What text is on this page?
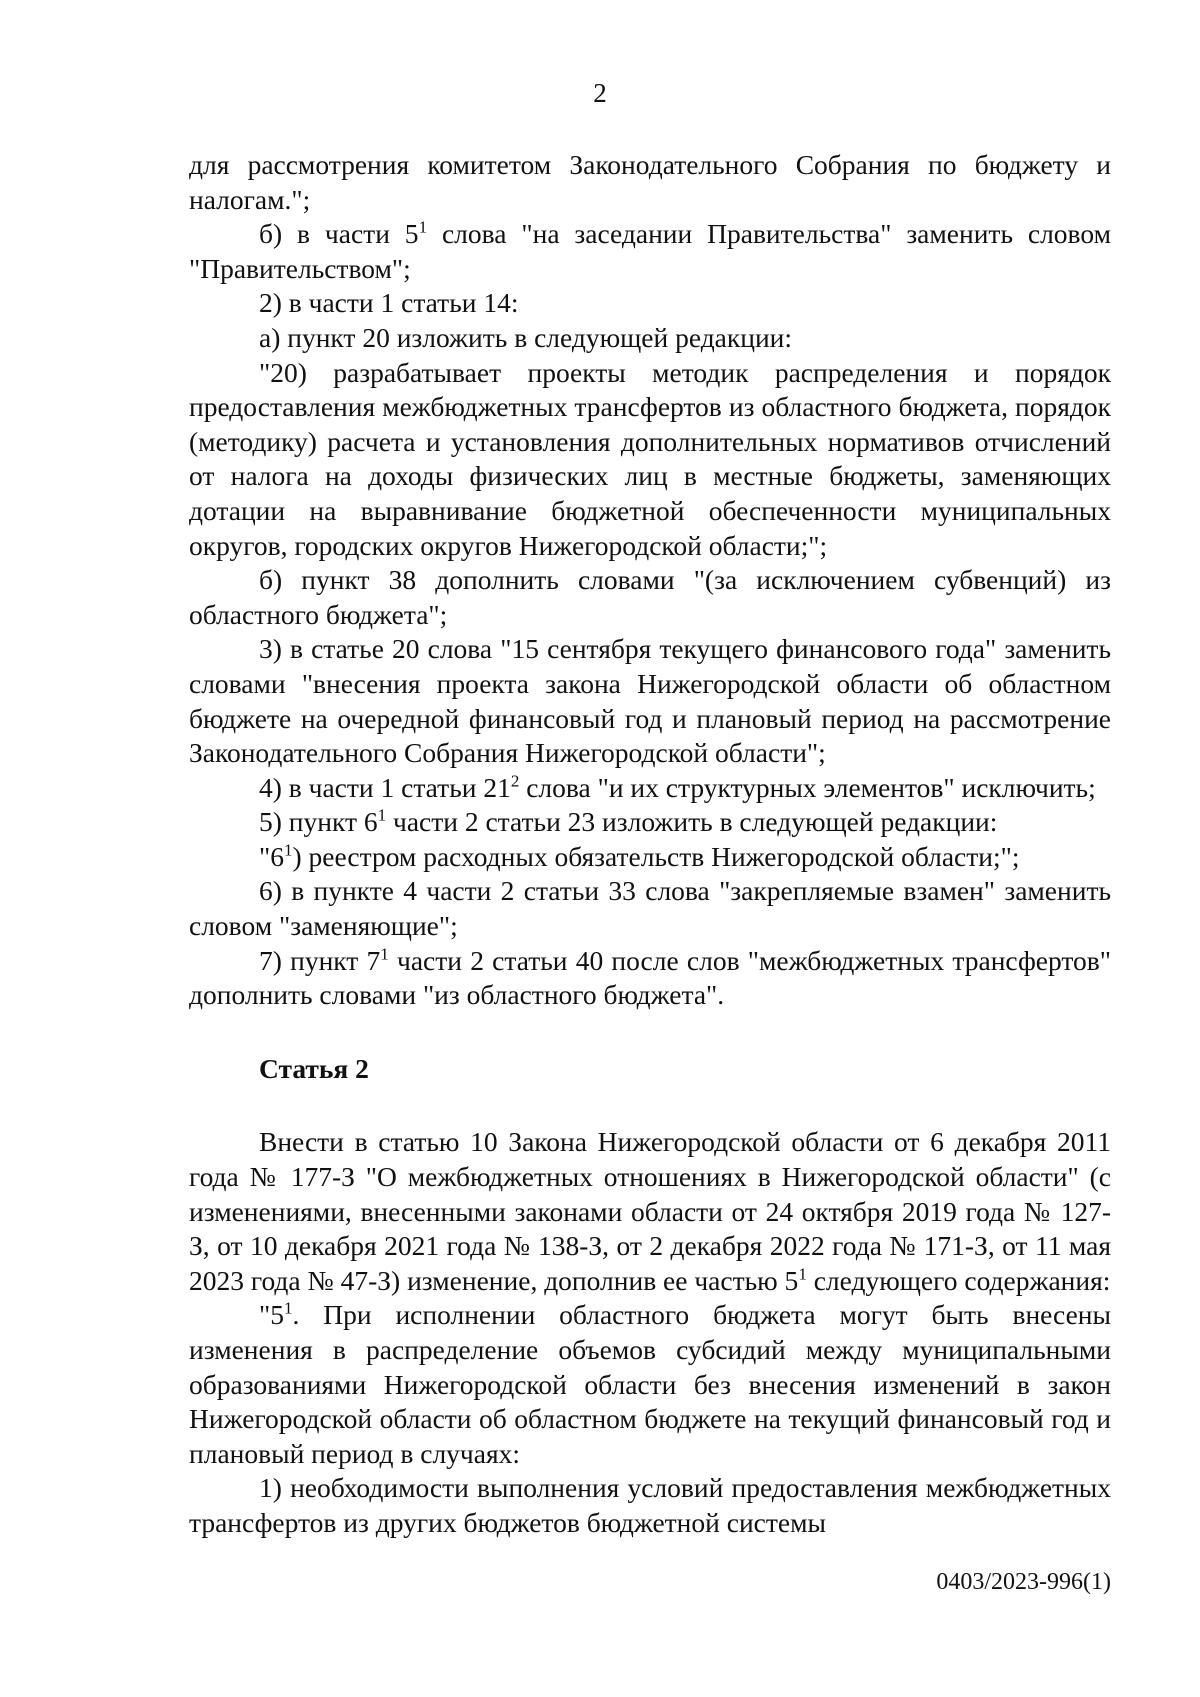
2

для рассмотрения комитетом Законодательного Собрания по бюджету и налогам.";

б) в части $5^1$ слова "на заседании Правительства" заменить словом "Правительством";

2) в части 1 статьи 14:

а) пункт 20 изложить в следующей редакции:

"20) разрабатывает проекты методик распределения и порядок предоставления межбюджетных трансфертов из областного бюджета, порядок (методику) расчета и установления дополнительных нормативов отчислений от налога на доходы физических лиц в местные бюджеты, заменяющих дотации на выравнивание бюджетной обеспеченности муниципальных округов, городских округов Нижегородской области;";

б) пункт 38 дополнить словами "(за исключением субвенций) из областного бюджета";

3) в статье 20 слова "15 сентября текущего финансового года" заменить словами "внесения проекта закона Нижегородской области об областном бюджете на очередной финансовый год и плановый период на рассмотрение Законодательного Собрания Нижегородской области";

4) в части 1 статьи $21^2$ слова "и их структурных элементов" исключить;

5) пункт $6^1$ части 2 статьи 23 изложить в следующей редакции:

"$6^1$) реестром расходных обязательств Нижегородской области;";

6) в пункте 4 части 2 статьи 33 слова "закрепляемые взамен" заменить словом "заменяющие";

7) пункт $7^1$ части 2 статьи 40 после слов "межбюджетных трансфертов" дополнить словами "из областного бюджета".

Статья 2

Внести в статью 10 Закона Нижегородской области от 6 декабря 2011 года № 177-З "О межбюджетных отношениях в Нижегородской области" (с изменениями, внесенными законами области от 24 октября 2019 года № 127-З, от 10 декабря 2021 года № 138-З, от 2 декабря 2022 года № 171-З, от 11 мая 2023 года № 47-З) изменение, дополнив ее частью $5^1$ следующего содержания:

"$5^1$. При исполнении областного бюджета могут быть внесены изменения в распределение объемов субсидий между муниципальными образованиями Нижегородской области без внесения изменений в закон Нижегородской области об областном бюджете на текущий финансовый год и плановый период в случаях:

1) необходимости выполнения условий предоставления межбюджетных трансфертов из других бюджетов бюджетной системы

0403/2023-996(1)
